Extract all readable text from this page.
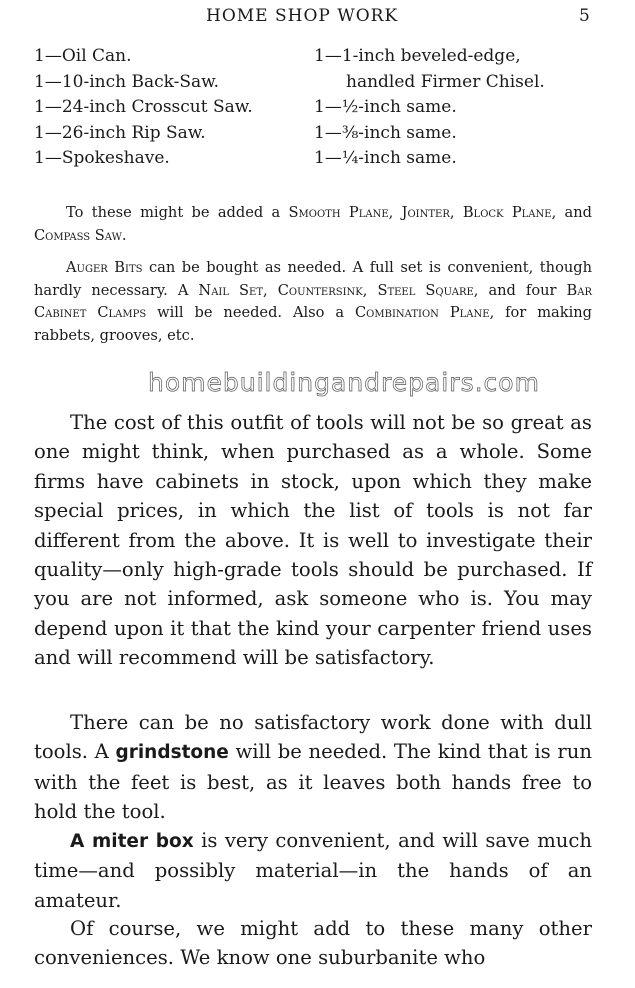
HOME SHOP WORK	5
1—Oil Can.
1—10-inch Back-Saw.
1—24-inch Crosscut Saw.
1—26-inch Rip Saw.
1—Spokeshave.
1—1-inch beveled-edge,
handled Firmer Chisel.
1—½-inch same.
1—⅜-inch same.
1—¼-inch same.

To these might be added a Smooth Plane, Jointer, Block Plane, and Compass Saw.

Auger Bits can be bought as needed. A full set is convenient, though hardly necessary. A Nail Set, Countersink, Steel Square, and four Bar Cabinet Clamps will be needed. Also a Combination Plane, for making rabbets, grooves, etc.

homebuildingandrepairs.com

The cost of this outfit of tools will not be so great as one might think, when purchased as a whole. Some firms have cabinets in stock, upon which they make special prices, in which the list of tools is not far different from the above. It is well to investigate their quality—only high-grade tools should be purchased. If you are not informed, ask someone who is. You may depend upon it that the kind your carpenter friend uses and will recommend will be satisfactory.

There can be no satisfactory work done with dull tools. A grindstone will be needed. The kind that is run with the feet is best, as it leaves both hands free to hold the tool.

A miter box is very convenient, and will save much time—and possibly material—in the hands of an amateur.

Of course, we might add to these many other conveniences. We know one suburbanite who
